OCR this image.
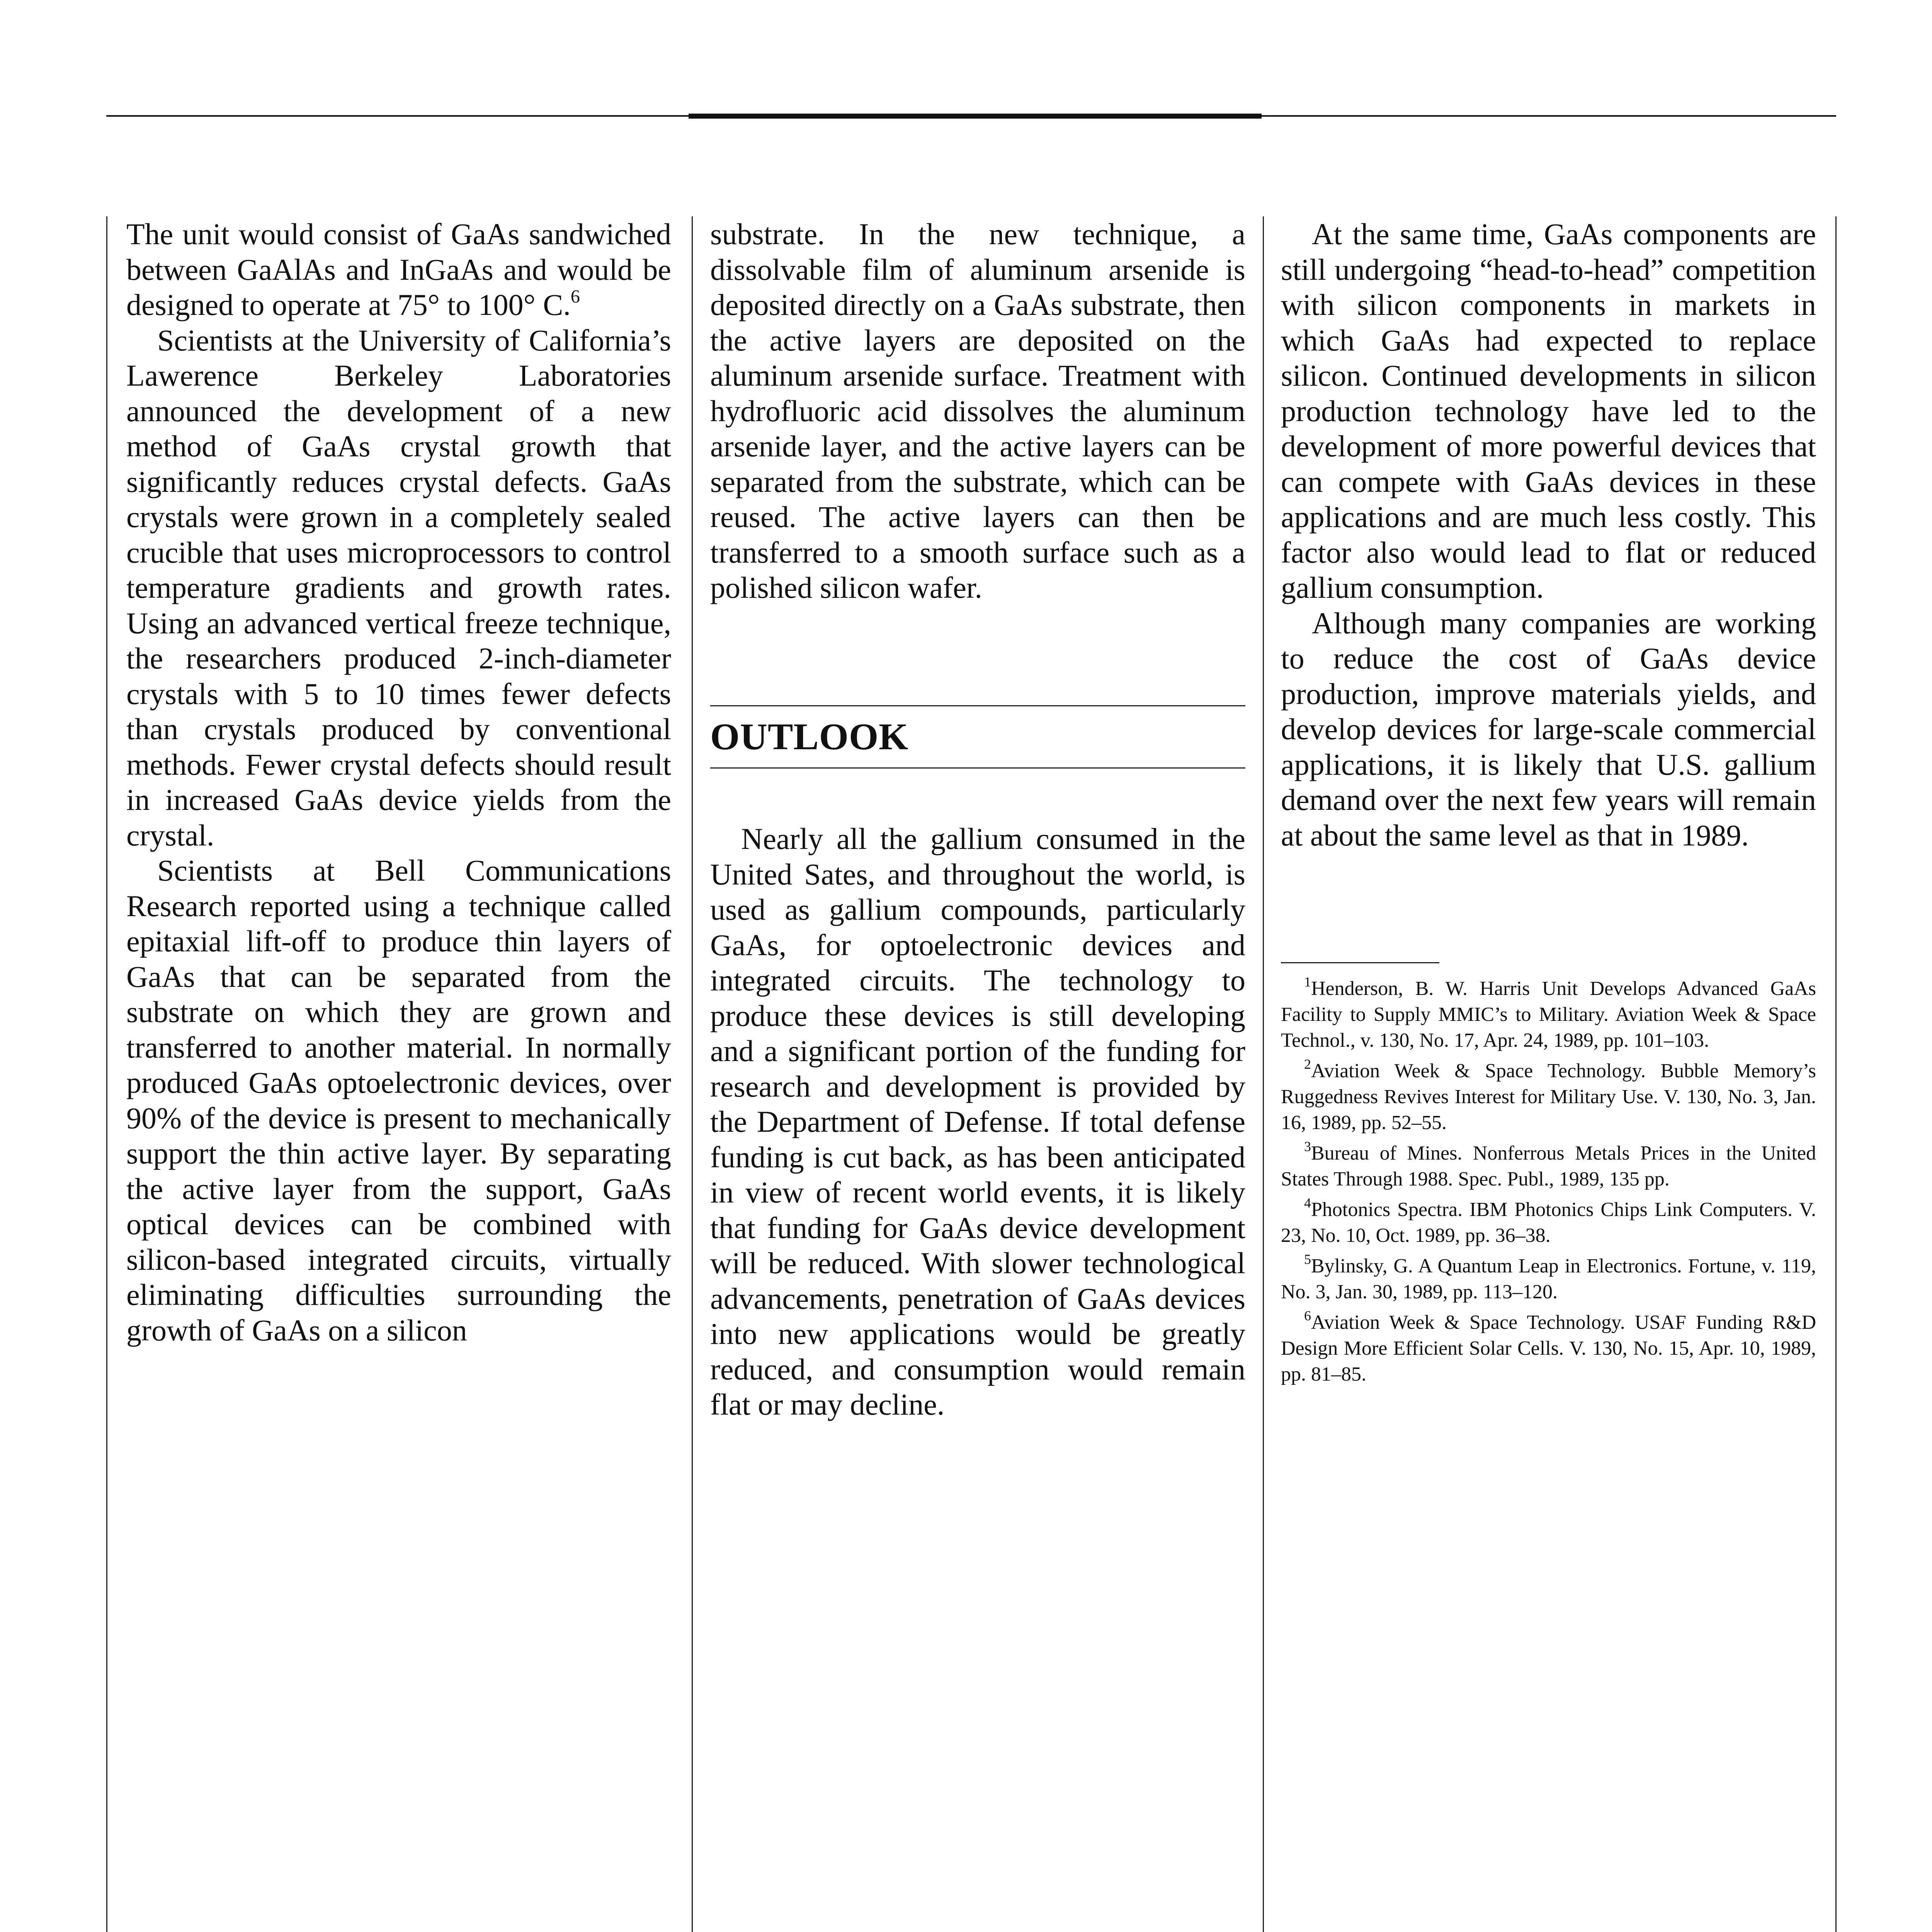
The unit would consist of GaAs sandwiched between GaAlAs and InGaAs and would be designed to operate at 75° to 100° C.$^6$

Scientists at the University of California’s Lawerence Berkeley Laboratories announced the development of a new method of GaAs crystal growth that significantly reduces crystal defects. GaAs crystals were grown in a completely sealed crucible that uses microprocessors to control temperature gradients and growth rates. Using an advanced vertical freeze technique, the researchers produced 2-inch-diameter crystals with 5 to 10 times fewer defects than crystals produced by conventional methods. Fewer crystal defects should result in increased GaAs device yields from the crystal.

Scientists at Bell Communications Research reported using a technique called epitaxial lift-off to produce thin layers of GaAs that can be separated from the substrate on which they are grown and transferred to another material. In normally produced GaAs optoelectronic devices, over 90% of the device is present to mechanically support the thin active layer. By separating the active layer from the support, GaAs optical devices can be combined with silicon-based integrated circuits, virtually eliminating difficulties surrounding the growth of GaAs on a silicon

substrate. In the new technique, a dissolvable film of aluminum arsenide is deposited directly on a GaAs substrate, then the active layers are deposited on the aluminum arsenide surface. Treatment with hydrofluoric acid dissolves the aluminum arsenide layer, and the active layers can be separated from the substrate, which can be reused. The active layers can then be transferred to a smooth surface such as a polished silicon wafer.

OUTLOOK

Nearly all the gallium consumed in the United Sates, and throughout the world, is used as gallium compounds, particularly GaAs, for optoelectronic devices and integrated circuits. The technology to produce these devices is still developing and a significant portion of the funding for research and development is provided by the Department of Defense. If total defense funding is cut back, as has been anticipated in view of recent world events, it is likely that funding for GaAs device development will be reduced. With slower technological advancements, penetration of GaAs devices into new applications would be greatly reduced, and consumption would remain flat or may decline.

At the same time, GaAs components are still undergoing “head-to-head” competition with silicon components in markets in which GaAs had expected to replace silicon. Continued developments in silicon production technology have led to the development of more powerful devices that can compete with GaAs devices in these applications and are much less costly. This factor also would lead to flat or reduced gallium consumption.

Although many companies are working to reduce the cost of GaAs device production, improve materials yields, and develop devices for large-scale commercial applications, it is likely that U.S. gallium demand over the next few years will remain at about the same level as that in 1989.

$^1$Henderson, B. W. Harris Unit Develops Advanced GaAs Facility to Supply MMIC’s to Military. Aviation Week & Space Technol., v. 130, No. 17, Apr. 24, 1989, pp. 101–103.

$^2$Aviation Week & Space Technology. Bubble Memory’s Ruggedness Revives Interest for Military Use. V. 130, No. 3, Jan. 16, 1989, pp. 52–55.

$^3$Bureau of Mines. Nonferrous Metals Prices in the United States Through 1988. Spec. Publ., 1989, 135 pp.

$^4$Photonics Spectra. IBM Photonics Chips Link Computers. V. 23, No. 10, Oct. 1989, pp. 36–38.

$^5$Bylinsky, G. A Quantum Leap in Electronics. Fortune, v. 119, No. 3, Jan. 30, 1989, pp. 113–120.

$^6$Aviation Week & Space Technology. USAF Funding R&D Design More Efficient Solar Cells. V. 130, No. 15, Apr. 10, 1989, pp. 81–85.
